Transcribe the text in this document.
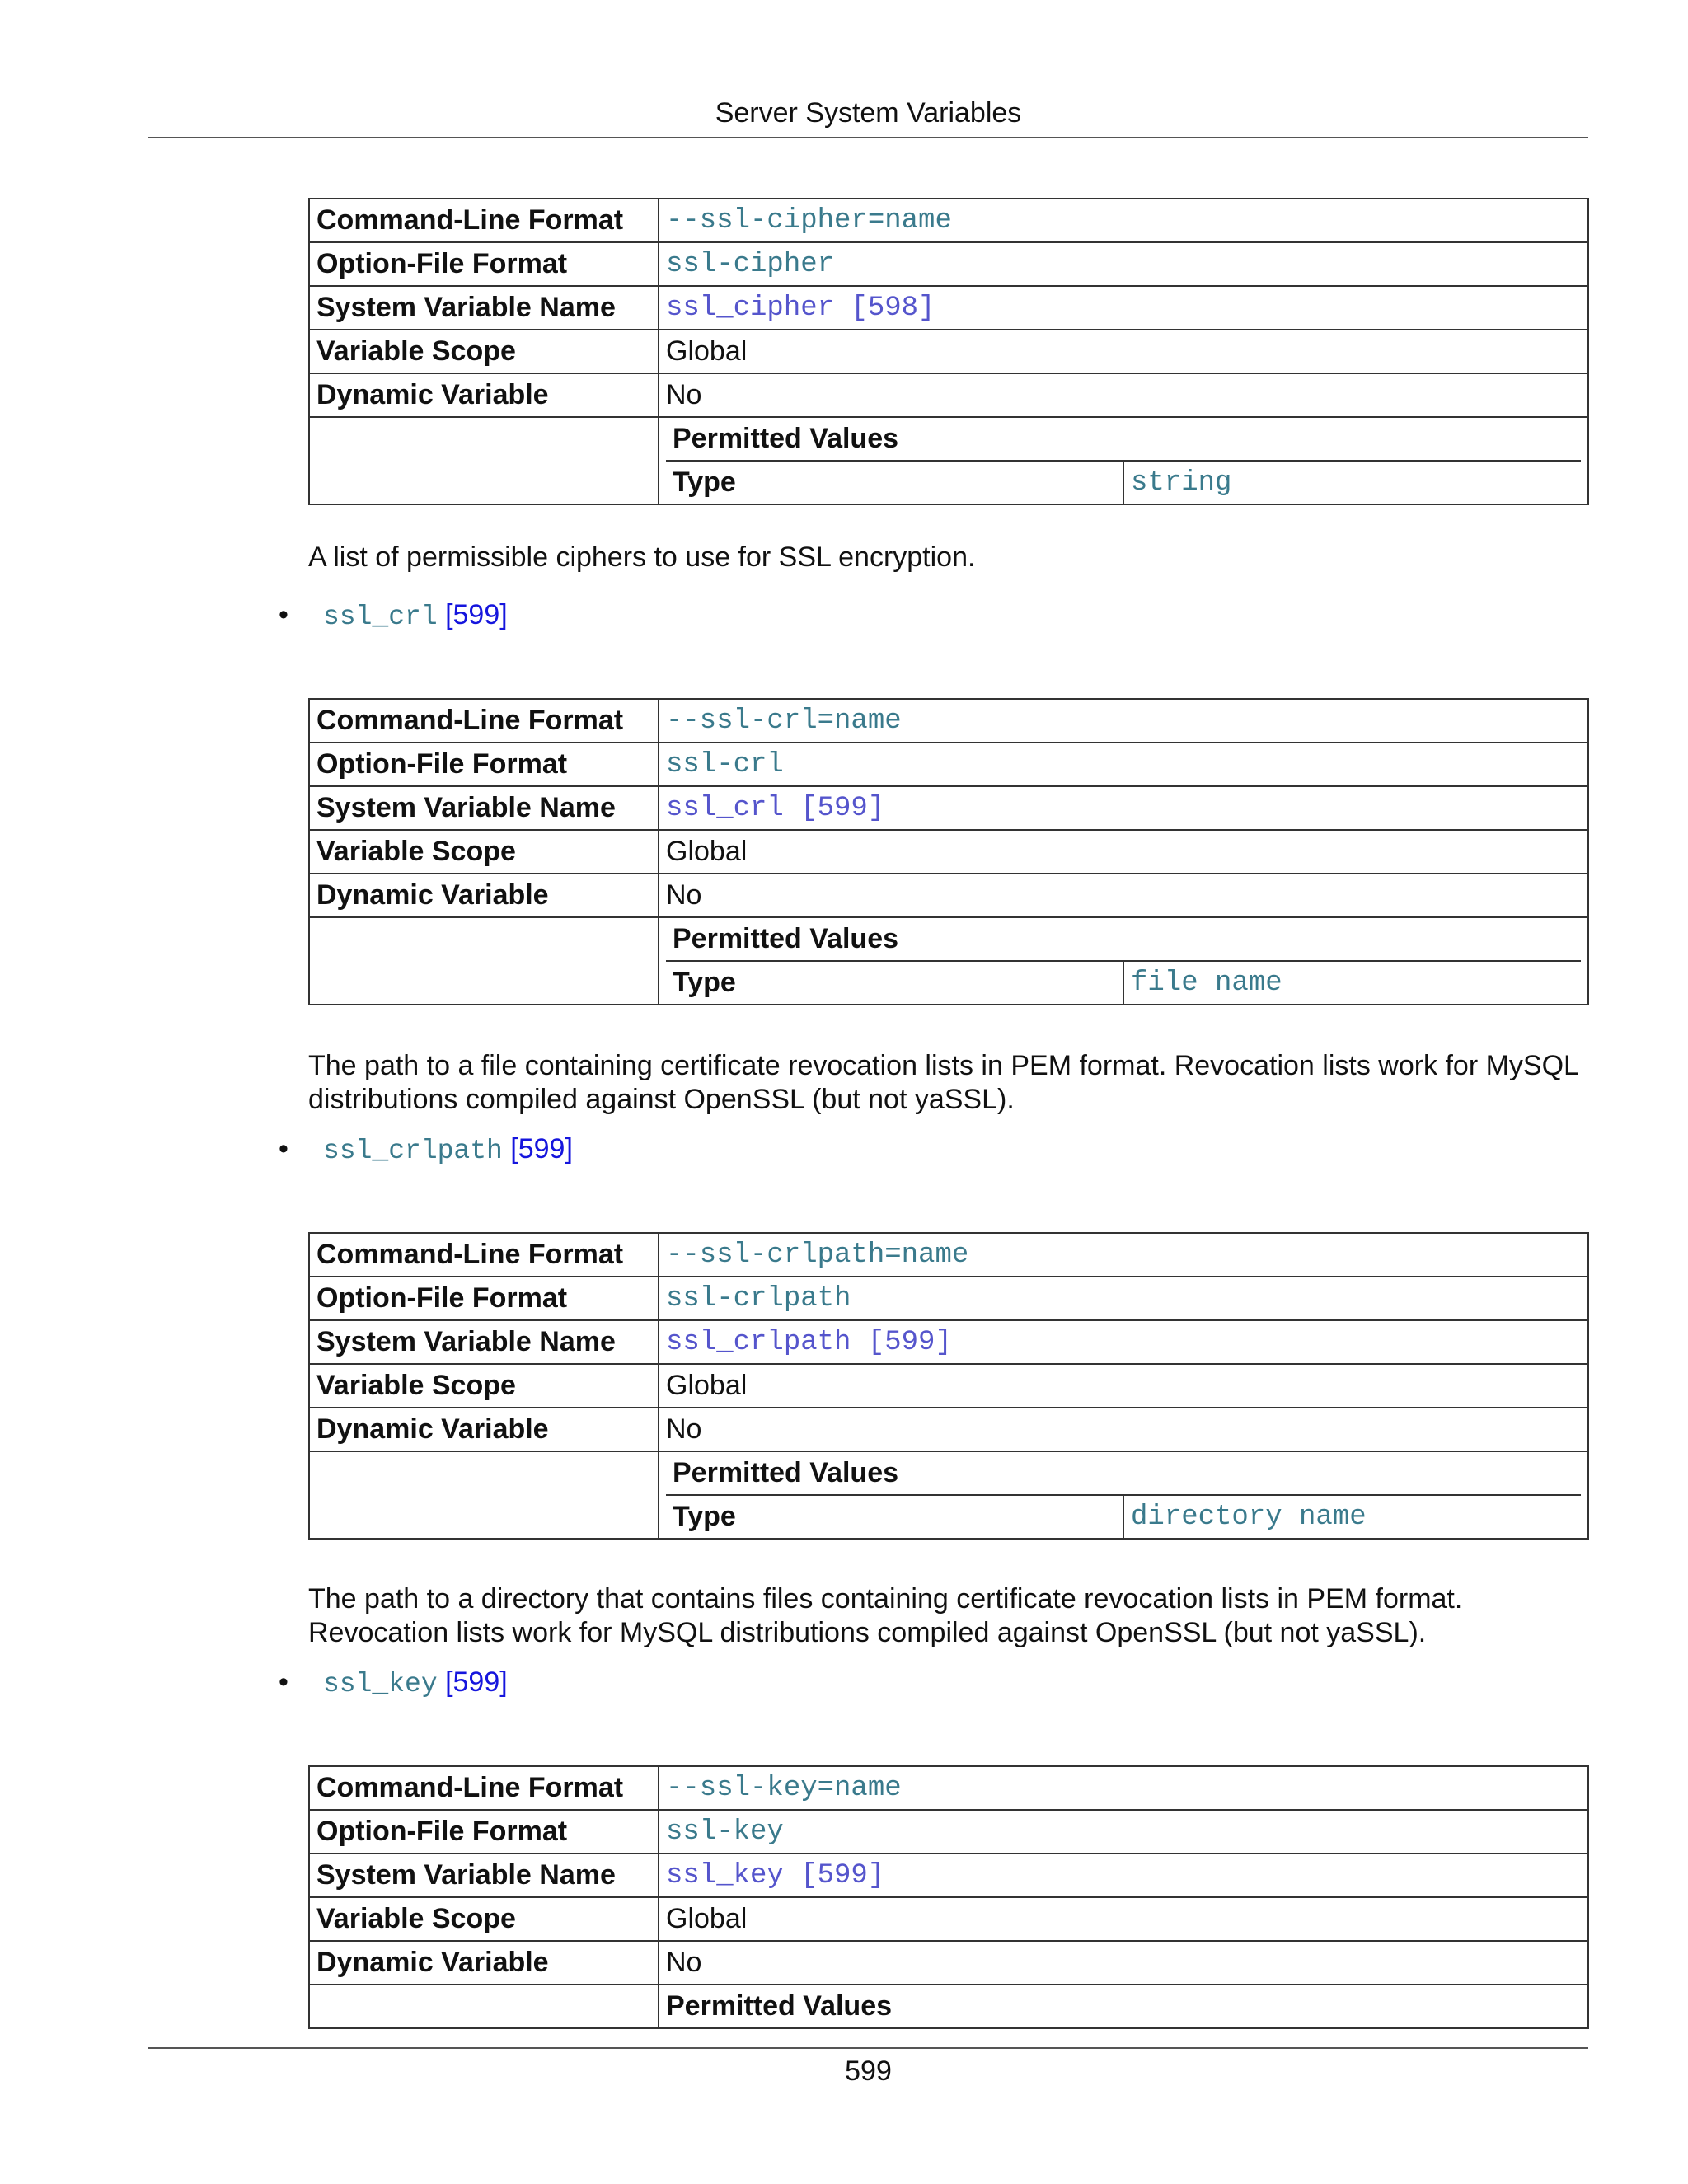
Server System Variables
Command-Line Format	--ssl-cipher=name
Option-File Format	ssl-cipher
System Variable Name	ssl_cipher [598]
Variable Scope	Global
Dynamic Variable	No

Permitted Values
Type	string
A list of permissible ciphers to use for SSL encryption.
• ssl_crl [599]
Command-Line Format	--ssl-crl=name
Option-File Format	ssl-crl
System Variable Name	ssl_crl [599]
Variable Scope	Global
Dynamic Variable	No

Permitted Values
Type	file name
The path to a file containing certificate revocation lists in PEM format. Revocation lists work for MySQL distributions compiled against OpenSSL (but not yaSSL).
• ssl_crlpath [599]
Command-Line Format	--ssl-crlpath=name
Option-File Format	ssl-crlpath
System Variable Name	ssl_crlpath [599]
Variable Scope	Global
Dynamic Variable	No

Permitted Values
Type	directory name
The path to a directory that contains files containing certificate revocation lists in PEM format. Revocation lists work for MySQL distributions compiled against OpenSSL (but not yaSSL).
• ssl_key [599]
Command-Line Format	--ssl-key=name
Option-File Format	ssl-key
System Variable Name	ssl_key [599]
Variable Scope	Global
Dynamic Variable	No
	Permitted Values
599
